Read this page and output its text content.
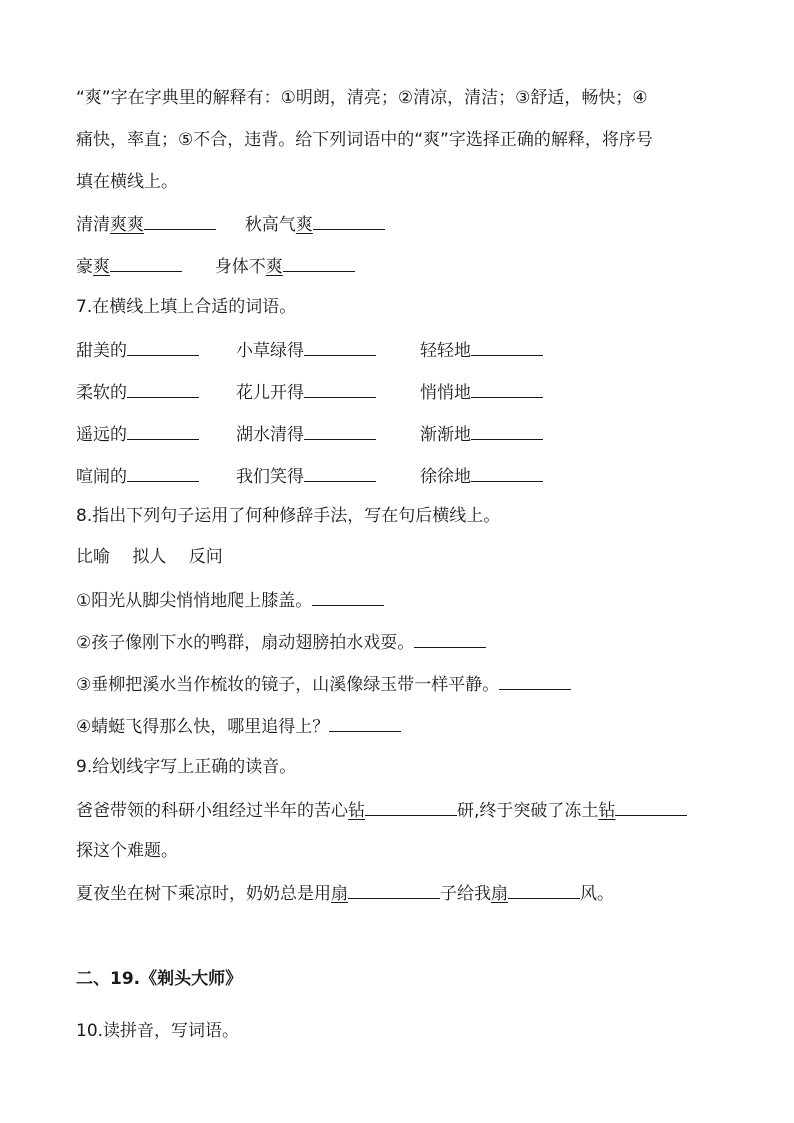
“爽”字在字典里的解释有：①明朗，清亮；②清凉，清洁；③舒适，畅快；④
痛快，率直；⑤不合，违背。给下列词语中的“爽”字选择正确的解释，将序号
填在横线上。
清清爽爽	秋高气爽
豪爽	身体不爽
7.在横线上填上合适的词语。
甜美的	小草绿得	轻轻地
柔软的	花儿开得	悄悄地
遥远的	湖水清得	渐渐地
喧闹的	我们笑得	徐徐地
8.指出下列句子运用了何种修辞手法，写在句后横线上。
比喻　 拟人　 反问
①阳光从脚尖悄悄地爬上膝盖。
②孩子像刚下水的鸭群，扇动翅膀拍水戏耍。
③垂柳把溪水当作梳妆的镜子，山溪像绿玉带一样平静。
④蜻蜓飞得那么快，哪里追得上？
9.给划线字写上正确的读音。
爸爸带领的科研小组经过半年的苦心钻	研,终于突破了冻土钻
探这个难题。
夏夜坐在树下乘凉时，奶奶总是用扇	子给我扇	风。
二、19.《剃头大师》
10.读拼音，写词语。
